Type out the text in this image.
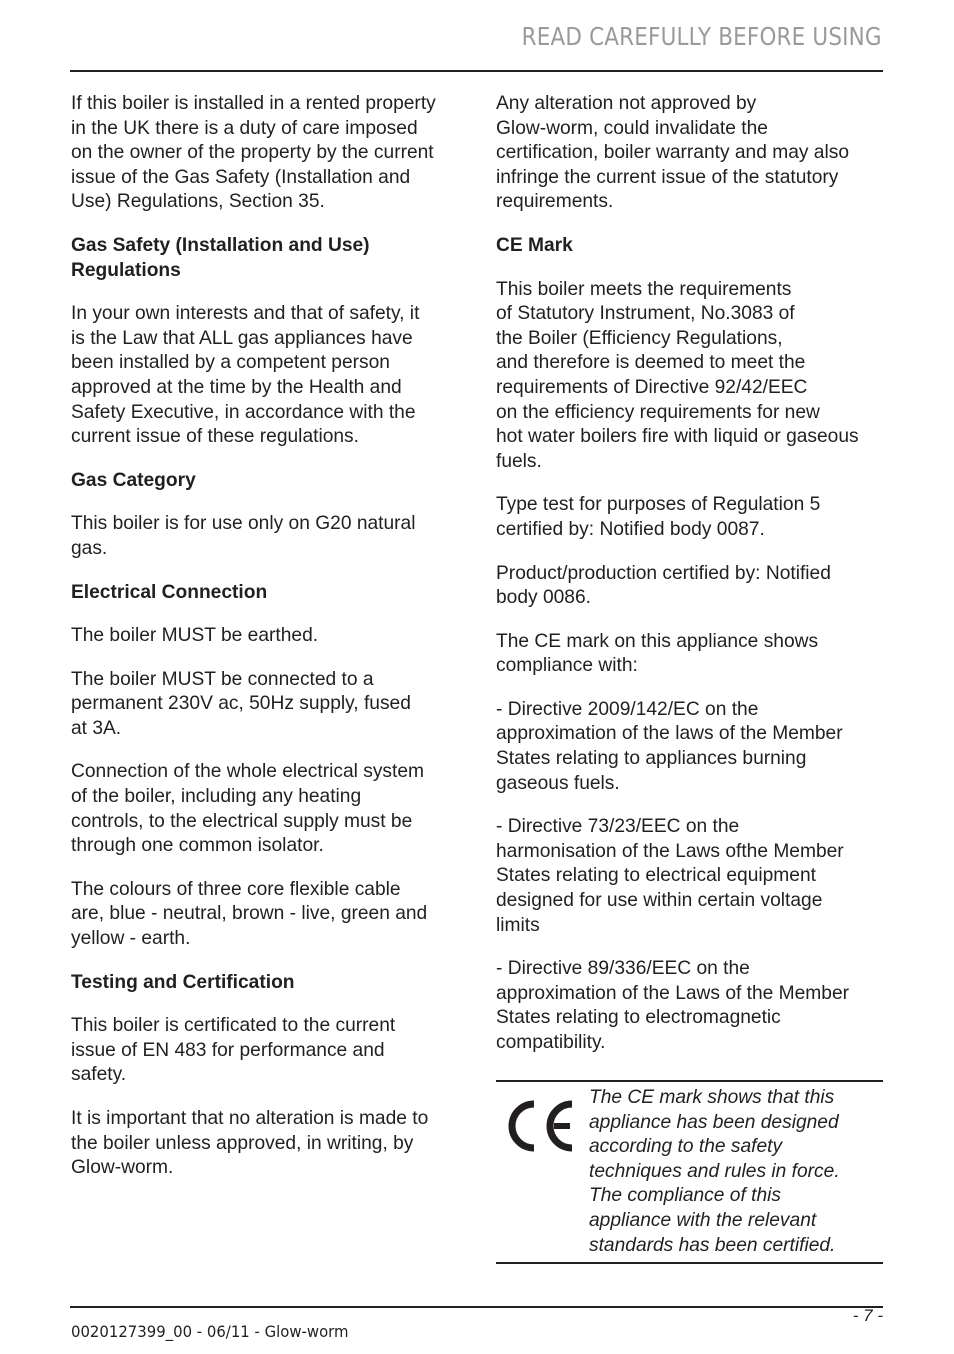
READ CAREFULLY BEFORE USING

If this boiler is installed in a rented property
in the UK there is a duty of care imposed
on the owner of the property by the current
issue of the Gas Safety (Installation and
Use) Regulations, Section 35.

Gas Safety (Installation and Use)
Regulations

In your own interests and that of safety, it
is the Law that ALL gas appliances have
been installed by a competent person
approved at the time by the Health and
Safety Executive, in accordance with the
current issue of these regulations.

Gas Category

This boiler is for use only on G20 natural
gas.

Electrical Connection

The boiler MUST be earthed.

The boiler MUST be connected to a
permanent 230V ac, 50Hz supply, fused
at 3A.

Connection of the whole electrical system
of the boiler, including any heating
controls, to the electrical supply must be
through one common isolator.

The colours of three core flexible cable
are, blue - neutral, brown - live, green and
yellow - earth.

Testing and Certification

This boiler is certificated to the current
issue of EN 483 for performance and
safety.

It is important that no alteration is made to
the boiler unless approved, in writing, by
Glow-worm.

Any alteration not approved by
Glow-worm, could invalidate the
certification, boiler warranty and may also
infringe the current issue of the statutory
requirements.

CE Mark

This boiler meets the requirements
of Statutory Instrument, No.3083 of
the Boiler (Efficiency Regulations,
and therefore is deemed to meet the
requirements of Directive 92/42/EEC
on the efficiency requirements for new
hot water boilers fire with liquid or gaseous
fuels.

Type test for purposes of Regulation 5
certified by: Notified body 0087.

Product/production certified by: Notified
body 0086.

The CE mark on this appliance shows
compliance with:

- Directive 2009/142/EC on the
approximation of the laws of the Member
States relating to appliances burning
gaseous fuels.

- Directive 73/23/EEC on the
harmonisation of the Laws ofthe Member
States relating to electrical equipment
designed for use within certain voltage
limits

- Directive 89/336/EEC on the
approximation of the Laws of the Member
States relating to electromagnetic
compatibility.

The CE mark shows that this
appliance has been designed
according to the safety
techniques and rules in force.
The compliance of this
appliance with the relevant
standards has been certified.
0020127399_00 - 06/11 - Glow-worm
- 7 -
